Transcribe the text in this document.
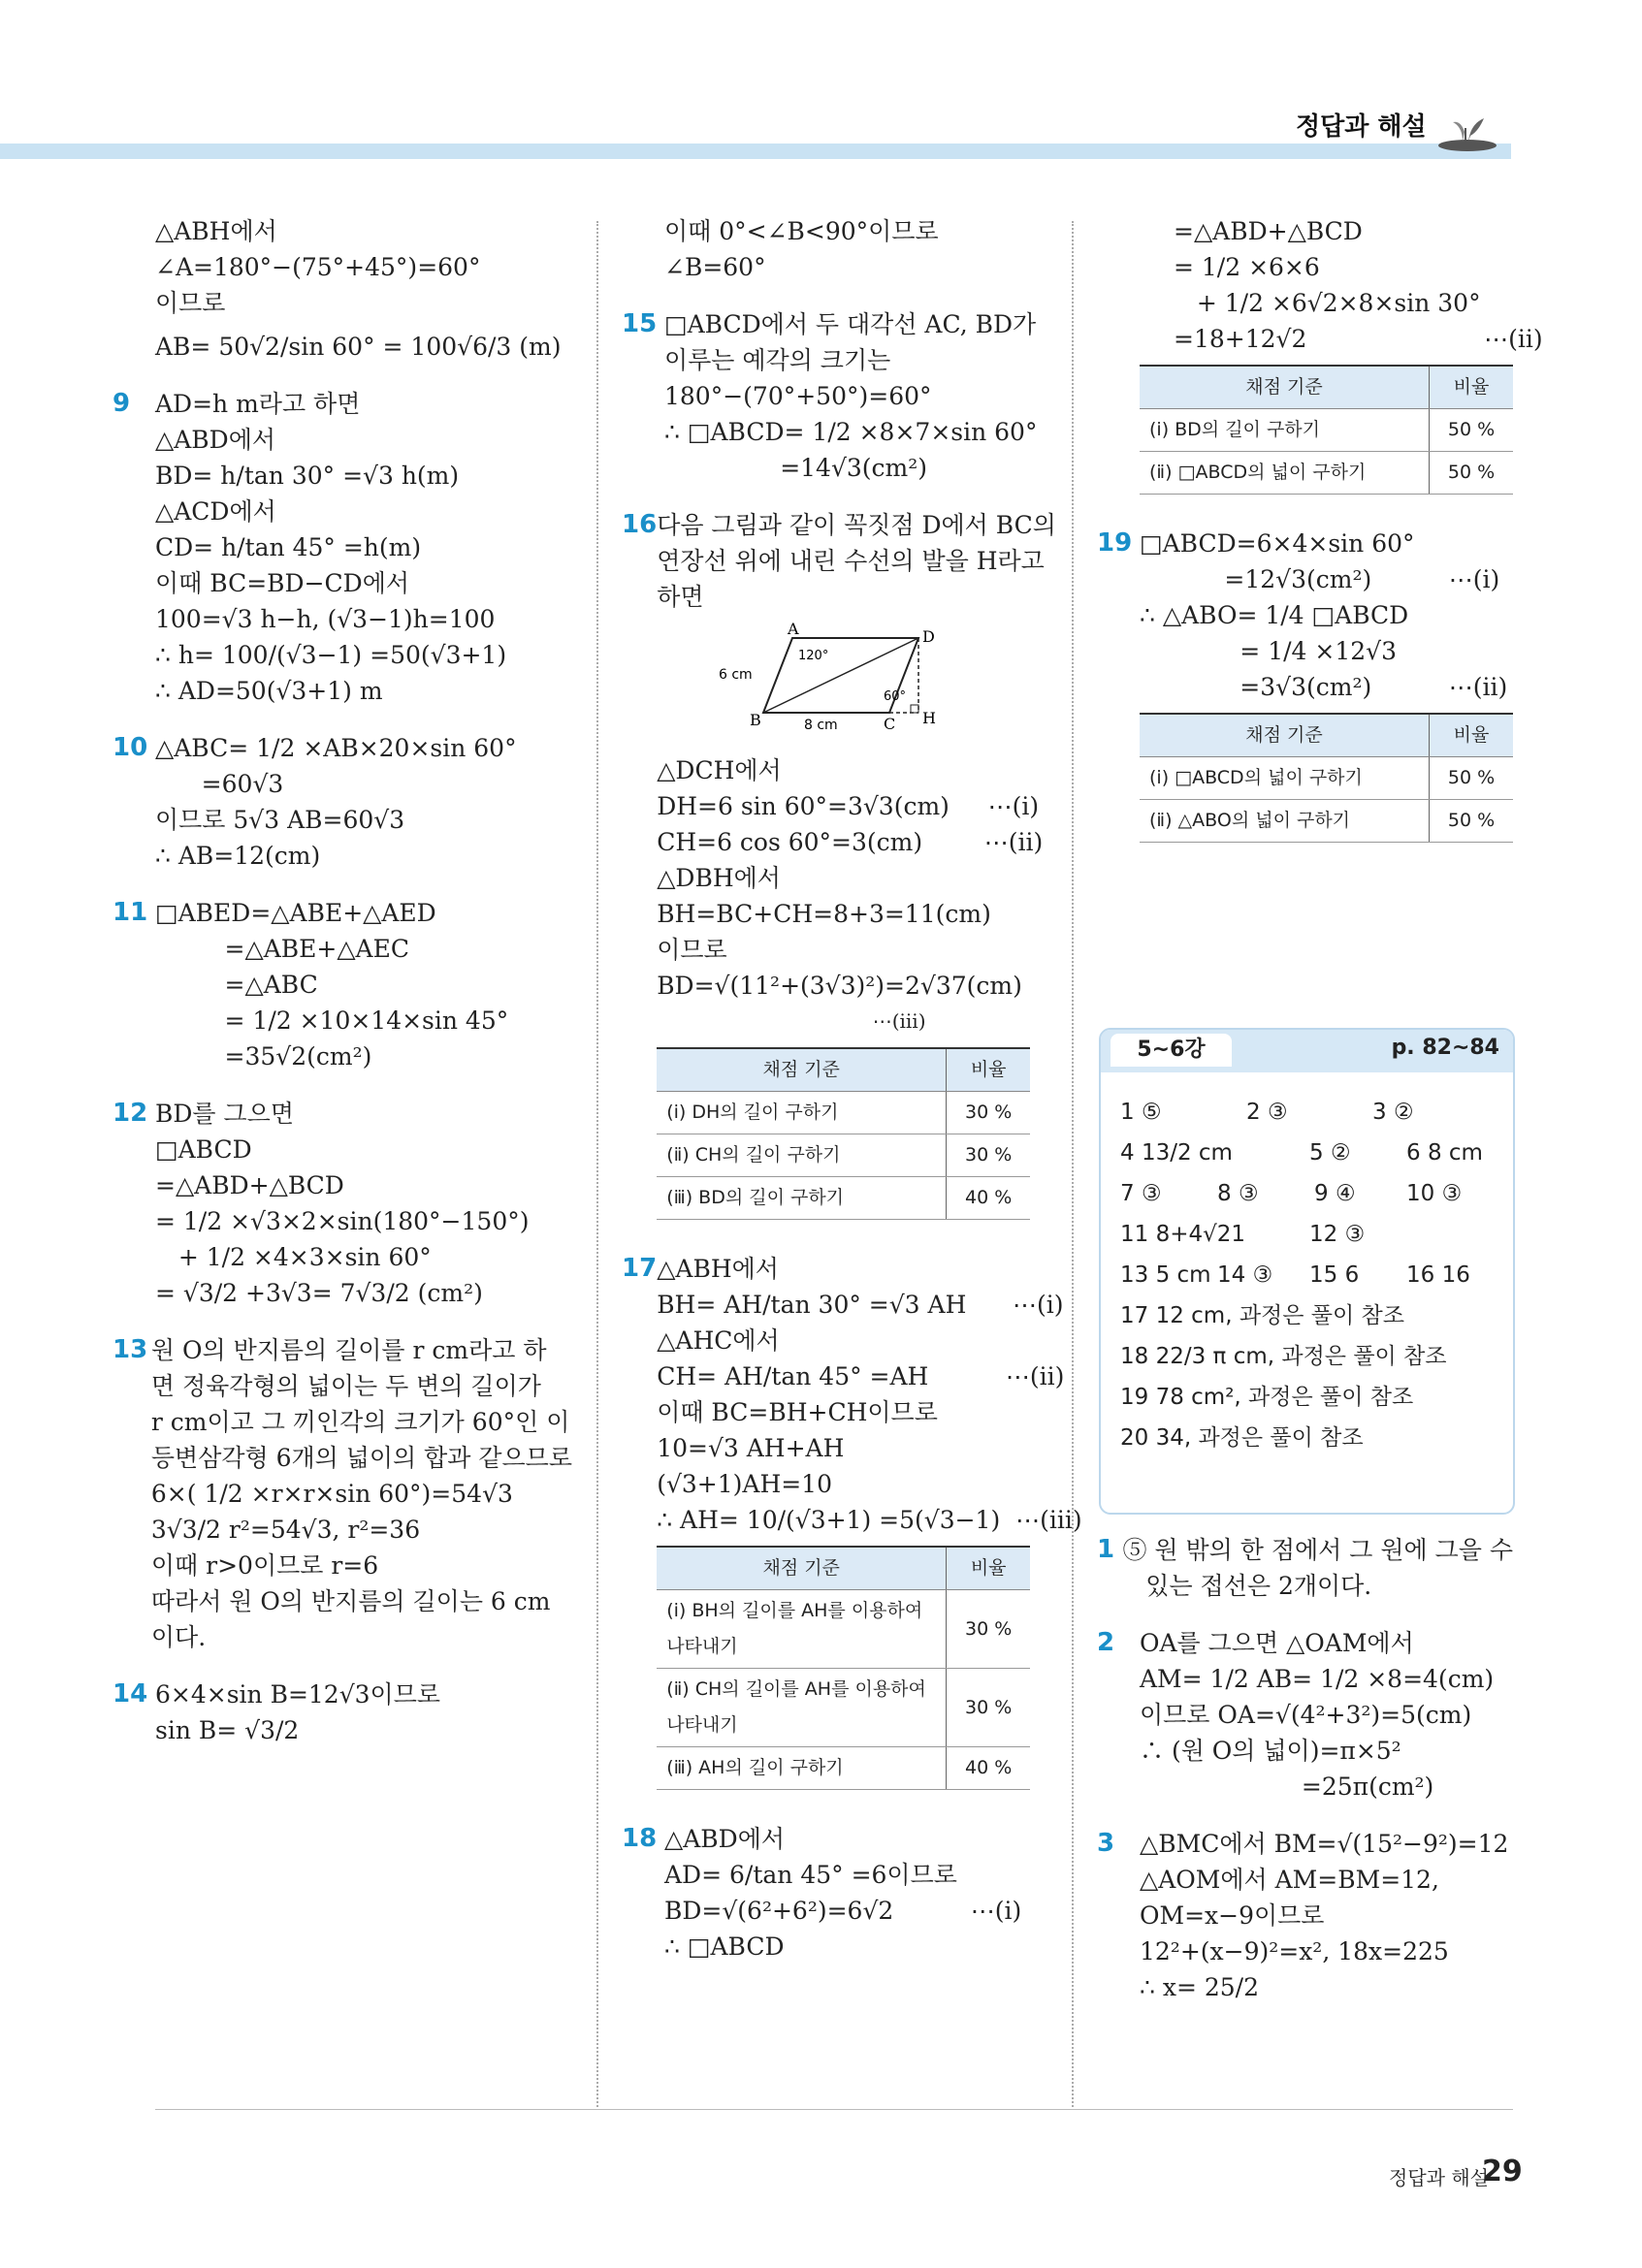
정답과 해설
△ABH에서
∠A=180°−(75°+45°)=60°
이므로
AB= 50√2/sin 60° = 100√6/3 (m)
9	AD=h m라고 하면
△ABD에서
BD= h/tan 30° =√3 h(m)
△ACD에서
CD= h/tan 45° =h(m)
이때 BC=BD−CD에서
100=√3 h−h, (√3−1)h=100
∴ h= 100/(√3−1) =50(√3+1)
∴ AD=50(√3+1) m
10 △ABC= 1/2 ×AB×20×sin 60°
=60√3
이므로 5√3 AB=60√3
∴ AB=12(cm)
11 □ABED=△ABE+△AED
=△ABE+△AEC
=△ABC
= 1/2 ×10×14×sin 45°
=35√2(cm²)
12 BD를 그으면
□ABCD
=△ABD+△BCD
= 1/2 ×√3×2×sin(180°−150°)
+ 1/2 ×4×3×sin 60°
= √3/2 +3√3= 7√3/2 (cm²)
13 원 O의 반지름의 길이를 r cm라고 하
면 정육각형의 넓이는 두 변의 길이가
r cm이고 그 끼인각의 크기가 60°인 이
등변삼각형 6개의 넓이의 합과 같으므로
6×( 1/2 ×r×r×sin 60°)=54√3
3√3/2 r²=54√3, r²=36
이때 r>0이므로 r=6
따라서 원 O의 반지름의 길이는 6 cm
이다.
14 6×4×sin B=12√3이므로
sin B= √3/2
이때 0°<∠B<90°이므로
∠B=60°
15 □ABCD에서 두 대각선 AC, BD가
이루는 예각의 크기는
180°−(70°+50°)=60°
∴ □ABCD= 1/2 ×8×7×sin 60°
=14√3(cm²)
16 다음 그림과 같이 꼭짓점 D에서 BC의
연장선 위에 내린 수선의 발을 H라고
하면
A	D
B	C H
6 cm
8 cm
120°
60°
△DCH에서
DH=6 sin 60°=3√3(cm)     ⋯(ⅰ)
CH=6 cos 60°=3(cm)        ⋯(ⅱ)
△DBH에서
BH=BC+CH=8+3=11(cm)
이므로
BD=√(11²+(3√3)²)=2√37(cm)
⋯(ⅲ)
채점 기준	비율
(ⅰ) DH의 길이 구하기	30 %
(ⅱ) CH의 길이 구하기	30 %
(ⅲ) BD의 길이 구하기	40 %
17 △ABH에서
BH= AH/tan 30° =√3 AH      ⋯(ⅰ)
△AHC에서
CH= AH/tan 45° =AH          ⋯(ⅱ)
이때 BC=BH+CH이므로
10=√3 AH+AH
(√3+1)AH=10
∴ AH= 10/(√3+1) =5(√3−1)  ⋯(ⅲ)
채점 기준	비율
(ⅰ) BH의 길이를 AH를 이용하여 나타내기	30 %
(ⅱ) CH의 길이를 AH를 이용하여 나타내기	30 %
(ⅲ) AH의 길이 구하기	40 %
18 △ABD에서
AD= 6/tan 45° =6이므로
BD=√(6²+6²)=6√2          ⋯(ⅰ)
∴ □ABCD
=△ABD+△BCD
= 1/2 ×6×6
+ 1/2 ×6√2×8×sin 30°
=18+12√2                       ⋯(ⅱ)
채점 기준	비율
(ⅰ) BD의 길이 구하기	50 %
(ⅱ) □ABCD의 넓이 구하기	50 %
19 □ABCD=6×4×sin 60°
=12√3(cm²)          ⋯(ⅰ)
∴ △ABO= 1/4 □ABCD
= 1/4 ×12√3
=3√3(cm²)          ⋯(ⅱ)
채점 기준	비율
(ⅰ) □ABCD의 넓이 구하기	50 %
(ⅱ) △ABO의 넓이 구하기	50 %
5~6강	p. 82~84
1 ⑤	2 ③	3 ②
4 13/2 cm	5 ②	6 8 cm
7 ③	8 ③	9 ④	10 ③
11 8+4√21	12 ③
13 5 cm 14 ③	15 6	16 16
17 12 cm, 과정은 풀이 참조
18 22/3 π cm, 과정은 풀이 참조
19 78 cm², 과정은 풀이 참조
20 34, 과정은 풀이 참조
1 ⑤ 원 밖의 한 점에서 그 원에 그을 수
있는 접선은 2개이다.
2	OA를 그으면 △OAM에서
AM= 1/2 AB= 1/2 ×8=4(cm)
이므로 OA=√(4²+3²)=5(cm)
∴ (원 O의 넓이)=π×5²
=25π(cm²)
3	△BMC에서 BM=√(15²−9²)=12
△AOM에서 AM=BM=12,
OM=x−9이므로
12²+(x−9)²=x², 18x=225
∴ x= 25/2
정답과 해설
29
